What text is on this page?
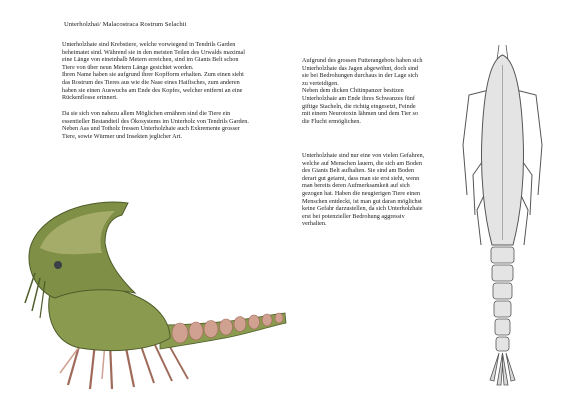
Unterholzhai/ Malacostraca Rostrum Selachii

Unterholzhaie sind Krebstiere, welche vorwiegend in Tendrils Garden
beheimatet sind. Während sie in den meisten Teilen des Urwalds maximal
eine Länge von eineinhalb Metern erreichen, sind im Giants Belt schon
Tiere von über neun Metern Länge gesichtet worden.
Ihren Name haben sie aufgrund ihrer Kopfform erhalten. Zum einen sieht
das Rostrum des Tieres aus wie die Nase eines Haifisches, zum anderen
haben sie einen Auswuchs am Ende des Kopfes, welcher entfernt an eine
Rückenflosse erinnert.

Da sie sich von nahezu allem Möglichen ernähren sind die Tiere ein
essentieller Bestandteil des Ökosystems im Unterholz von Tendrils Garden.
Neben Aas und Totholz fressen Unterholzhaie auch Exkremente grosser
Tiere, sowie Würmer und Insekten jeglicher Art.

Aufgrund des grossen Futterangebots haben sich
Unterholzhaie das Jagen abgewöhnt, doch sind
sie bei Bedrohungen durchaus in der Lage sich
zu verteidigen.
Neben dem dicken Chitinpanzer besitzen
Unterholzhaie am Ende ihres Schwanzes fünf
giftige Stacheln, die richtig eingesetzt, Feinde
mit einem Neurotoxin lähmen und dem Tier so
die Flucht ermöglichen.

Unterholzhaie sind nur eine von vielen Gefahren,
welche auf Menschen lauern, die sich am Boden
des Giants Belt aufhalten. Sie sind am Boden
derart gut getarnt, dass man sie erst sieht, wenn
man bereits deren Aufmerksamkeit auf sich
gezogen hat. Haben die neugierigen Tiere einen
Menschen entdeckt, ist man gut daran möglichst
keine Gefahr darzustellen, da sich Unterholzhaie
erst bei potenzieller Bedrohung aggressiv
verhalten.
